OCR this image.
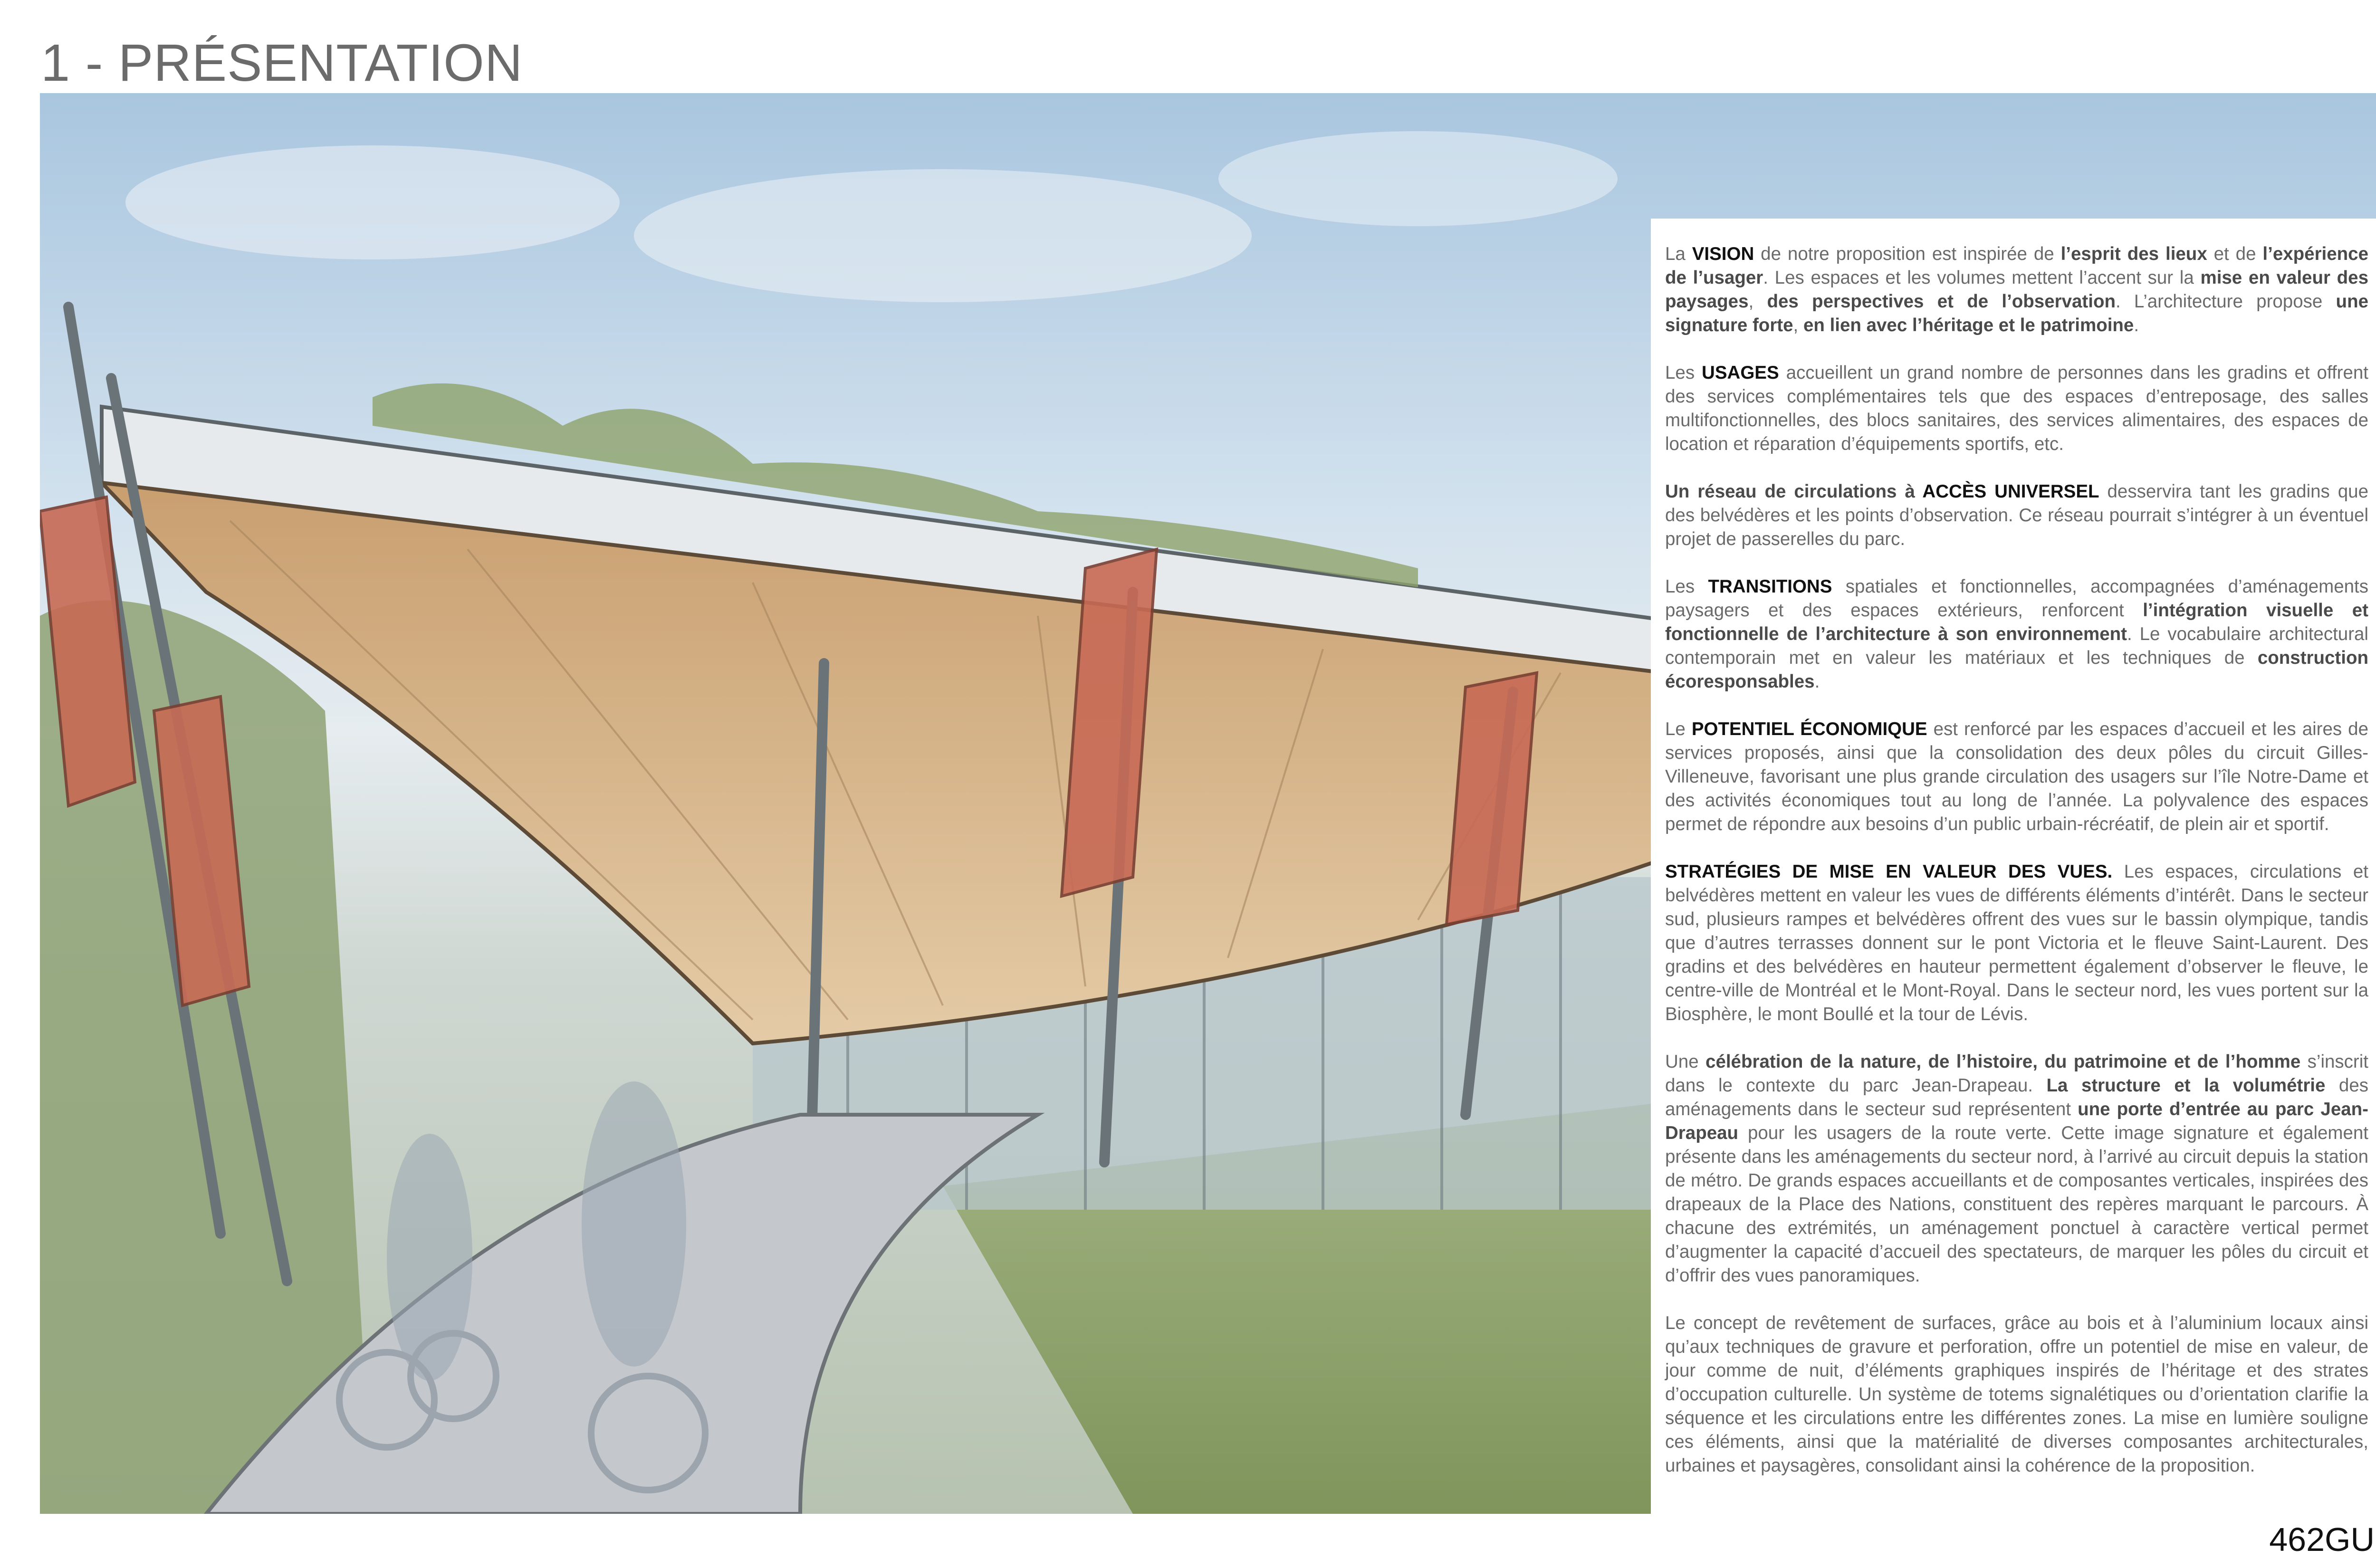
1 - PRÉSENTATION

La VISION de notre proposition est inspirée de l’esprit des lieux et de l’expérience de l’usager. Les espaces et les volumes mettent l’accent sur la mise en valeur des paysages, des perspectives et de l’observation. L’architecture propose une signature forte, en lien avec l’héritage et le patrimoine.

Les USAGES accueillent un grand nombre de personnes dans les gradins et offrent des services complémentaires tels que des espaces d’entreposage, des salles multifonctionnelles, des blocs sanitaires, des services alimentaires, des espaces de location et réparation d’équipements sportifs, etc.

Un réseau de circulations à ACCÈS UNIVERSEL desservira tant les gradins que des belvédères et les points d’observation. Ce réseau pourrait s’intégrer à un éventuel projet de passerelles du parc.

Les TRANSITIONS spatiales et fonctionnelles, accompagnées d’aménagements paysagers et des espaces extérieurs, renforcent l’intégration visuelle et fonctionnelle de l’architecture à son environnement. Le vocabulaire architectural contemporain met en valeur les matériaux et les techniques de construction écoresponsables.

Le POTENTIEL ÉCONOMIQUE est renforcé par les espaces d’accueil et les aires de services proposés, ainsi que la consolidation des deux pôles du circuit Gilles-Villeneuve, favorisant une plus grande circulation des usagers sur l’île Notre-Dame et des activités économiques tout au long de l’année. La polyvalence des espaces permet de répondre aux besoins d’un public urbain-récréatif, de plein air et sportif.

STRATÉGIES DE MISE EN VALEUR DES VUES. Les espaces, circulations et belvédères mettent en valeur les vues de différents éléments d’intérêt. Dans le secteur sud, plusieurs rampes et belvédères offrent des vues sur le bassin olympique, tandis que d’autres terrasses donnent sur le pont Victoria et le fleuve Saint-Laurent. Des gradins et des belvédères en hauteur permettent également d’observer le fleuve, le centre-ville de Montréal et le Mont-Royal. Dans le secteur nord, les vues portent sur la Biosphère, le mont Boullé et la tour de Lévis.

Une célébration de la nature, de l’histoire, du patrimoine et de l’homme s’inscrit dans le contexte du parc Jean-Drapeau. La structure et la volumétrie des aménagements dans le secteur sud représentent une porte d’entrée au parc Jean-Drapeau pour les usagers de la route verte. Cette image signature et également présente dans les aménagements du secteur nord, à l’arrivé au circuit depuis la station de métro. De grands espaces accueillants et de composantes verticales, inspirées des drapeaux de la Place des Nations, constituent des repères marquant le parcours. À chacune des extrémités, un aménagement ponctuel à caractère vertical permet d’augmenter la capacité d’accueil des spectateurs, de marquer les pôles du circuit et d’offrir des vues panoramiques.

Le concept de revêtement de surfaces, grâce au bois et à l’aluminium locaux ainsi qu’aux techniques de gravure et perforation, offre un potentiel de mise en valeur, de jour comme de nuit, d’éléments graphiques inspirés de l’héritage et des strates d’occupation culturelle. Un système de totems signalétiques ou d’orientation clarifie la séquence et les circulations entre les différentes zones. La mise en lumière souligne ces éléments, ainsi que la matérialité de diverses composantes architecturales, urbaines et paysagères, consolidant ainsi la cohérence de la proposition.

462GU
